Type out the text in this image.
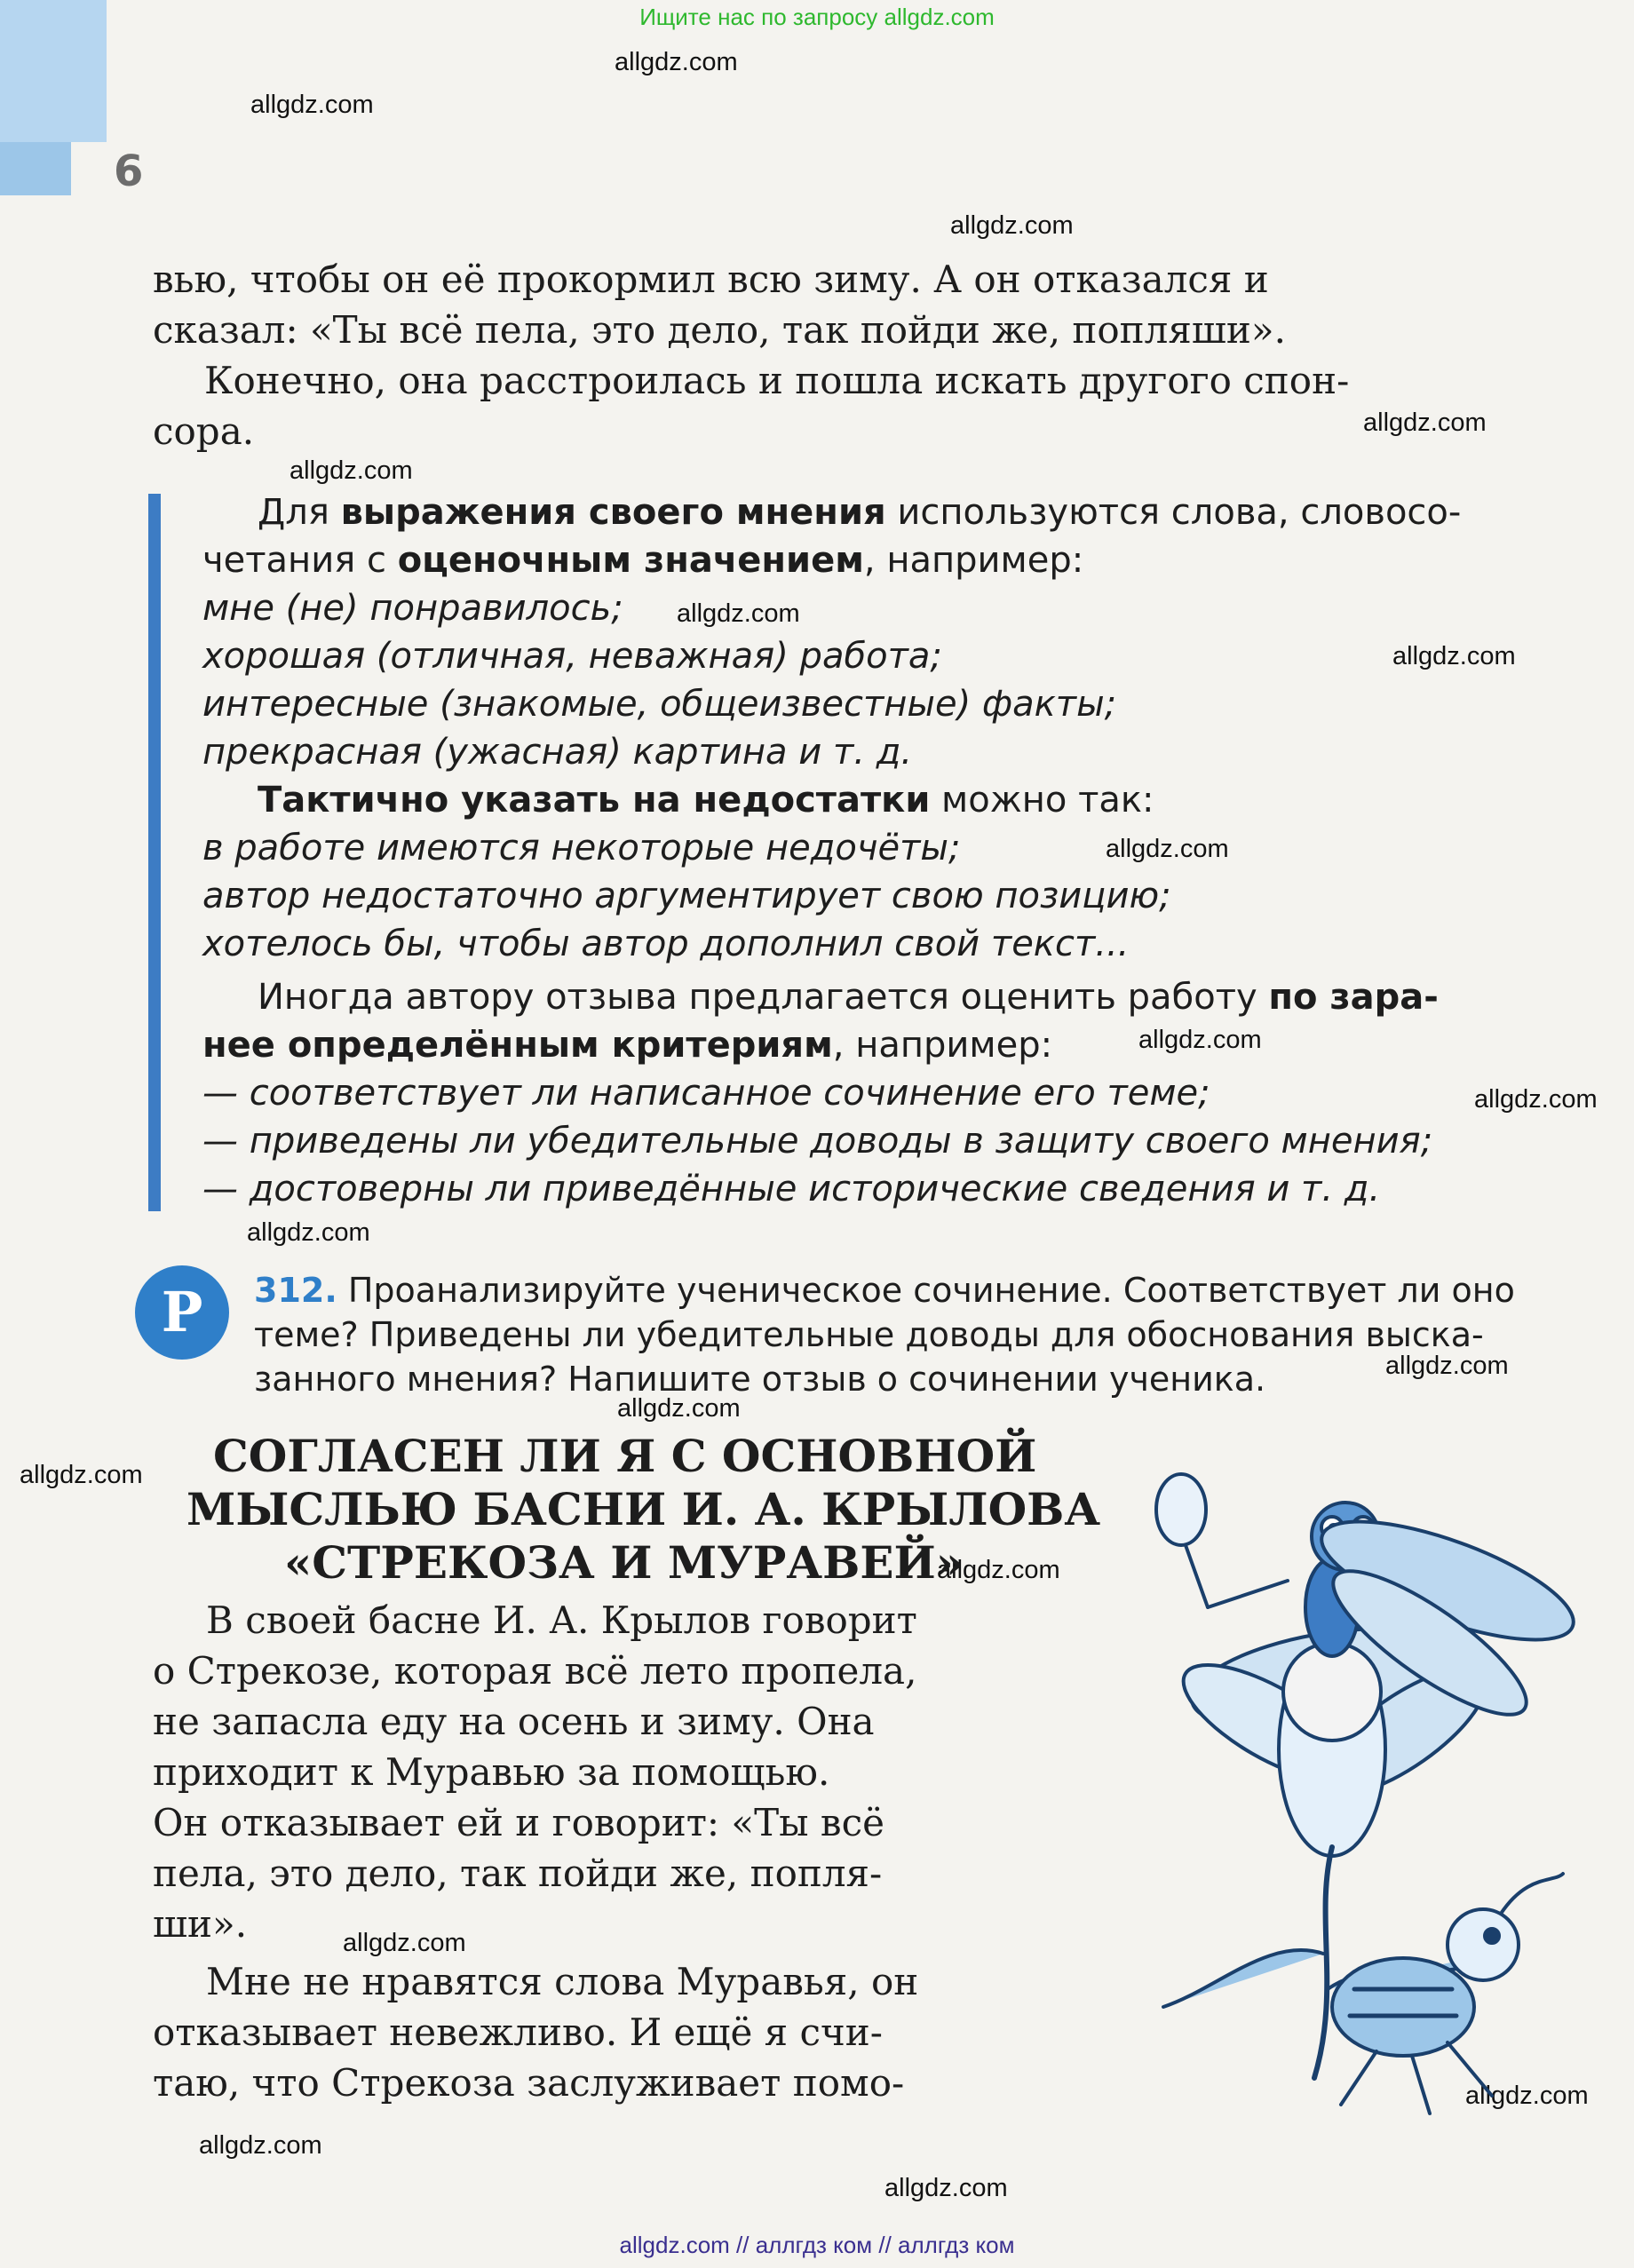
Ищите нас по запросу allgdz.com
6
allgdz.com
allgdz.com
allgdz.com
allgdz.com
allgdz.com
allgdz.com
allgdz.com
allgdz.com
allgdz.com
allgdz.com
allgdz.com
allgdz.com
allgdz.com
allgdz.com
allgdz.com
allgdz.com
allgdz.com
allgdz.com
allgdz.com
вью, чтобы он её прокормил всю зиму. А он отказался и
сказал: «Ты всё пела, это дело, так пойди же, попляши».
Конечно, она расстроилась и пошла искать другого спон-
сора.
Для выражения своего мнения используются слова, словосо-
четания с оценочным значением, например:
мне (не) понравилось;
хорошая (отличная, неважная) работа;
интересные (знакомые, общеизвестные) факты;
прекрасная (ужасная) картина и т. д.
Тактично указать на недостатки можно так:
в работе имеются некоторые недочёты;
автор недостаточно аргументирует свою позицию;
хотелось бы, чтобы автор дополнил свой текст...
Иногда автору отзыва предлагается оценить работу по зара-
нее определённым критериям, например:
— соответствует ли написанное сочинение его теме;
— приведены ли убедительные доводы в защиту своего мнения;
— достоверны ли приведённые исторические сведения и т. д.
Р	312. Проанализируйте ученическое сочинение. Соответствует ли оно
теме? Приведены ли убедительные доводы для обоснования выска-
занного мнения? Напишите отзыв о сочинении ученика.
СОГЛАСЕН ЛИ Я С ОСНОВНОЙ
МЫСЛЬЮ БАСНИ И. А. КРЫЛОВА
«СТРЕКОЗА И МУРАВЕЙ»
В своей басне И. А. Крылов говорит
о Стрекозе, которая всё лето пропела,
не запасла еду на осень и зиму. Она
приходит к Муравью за помощью.
Он отказывает ей и говорит: «Ты всё
пела, это дело, так пойди же, попля-
ши».
Мне не нравятся слова Муравья, он
отказывает невежливо. И ещё я счи-
таю, что Стрекоза заслуживает помо-
allgdz.com // аллгдз ком // аллгдз ком
